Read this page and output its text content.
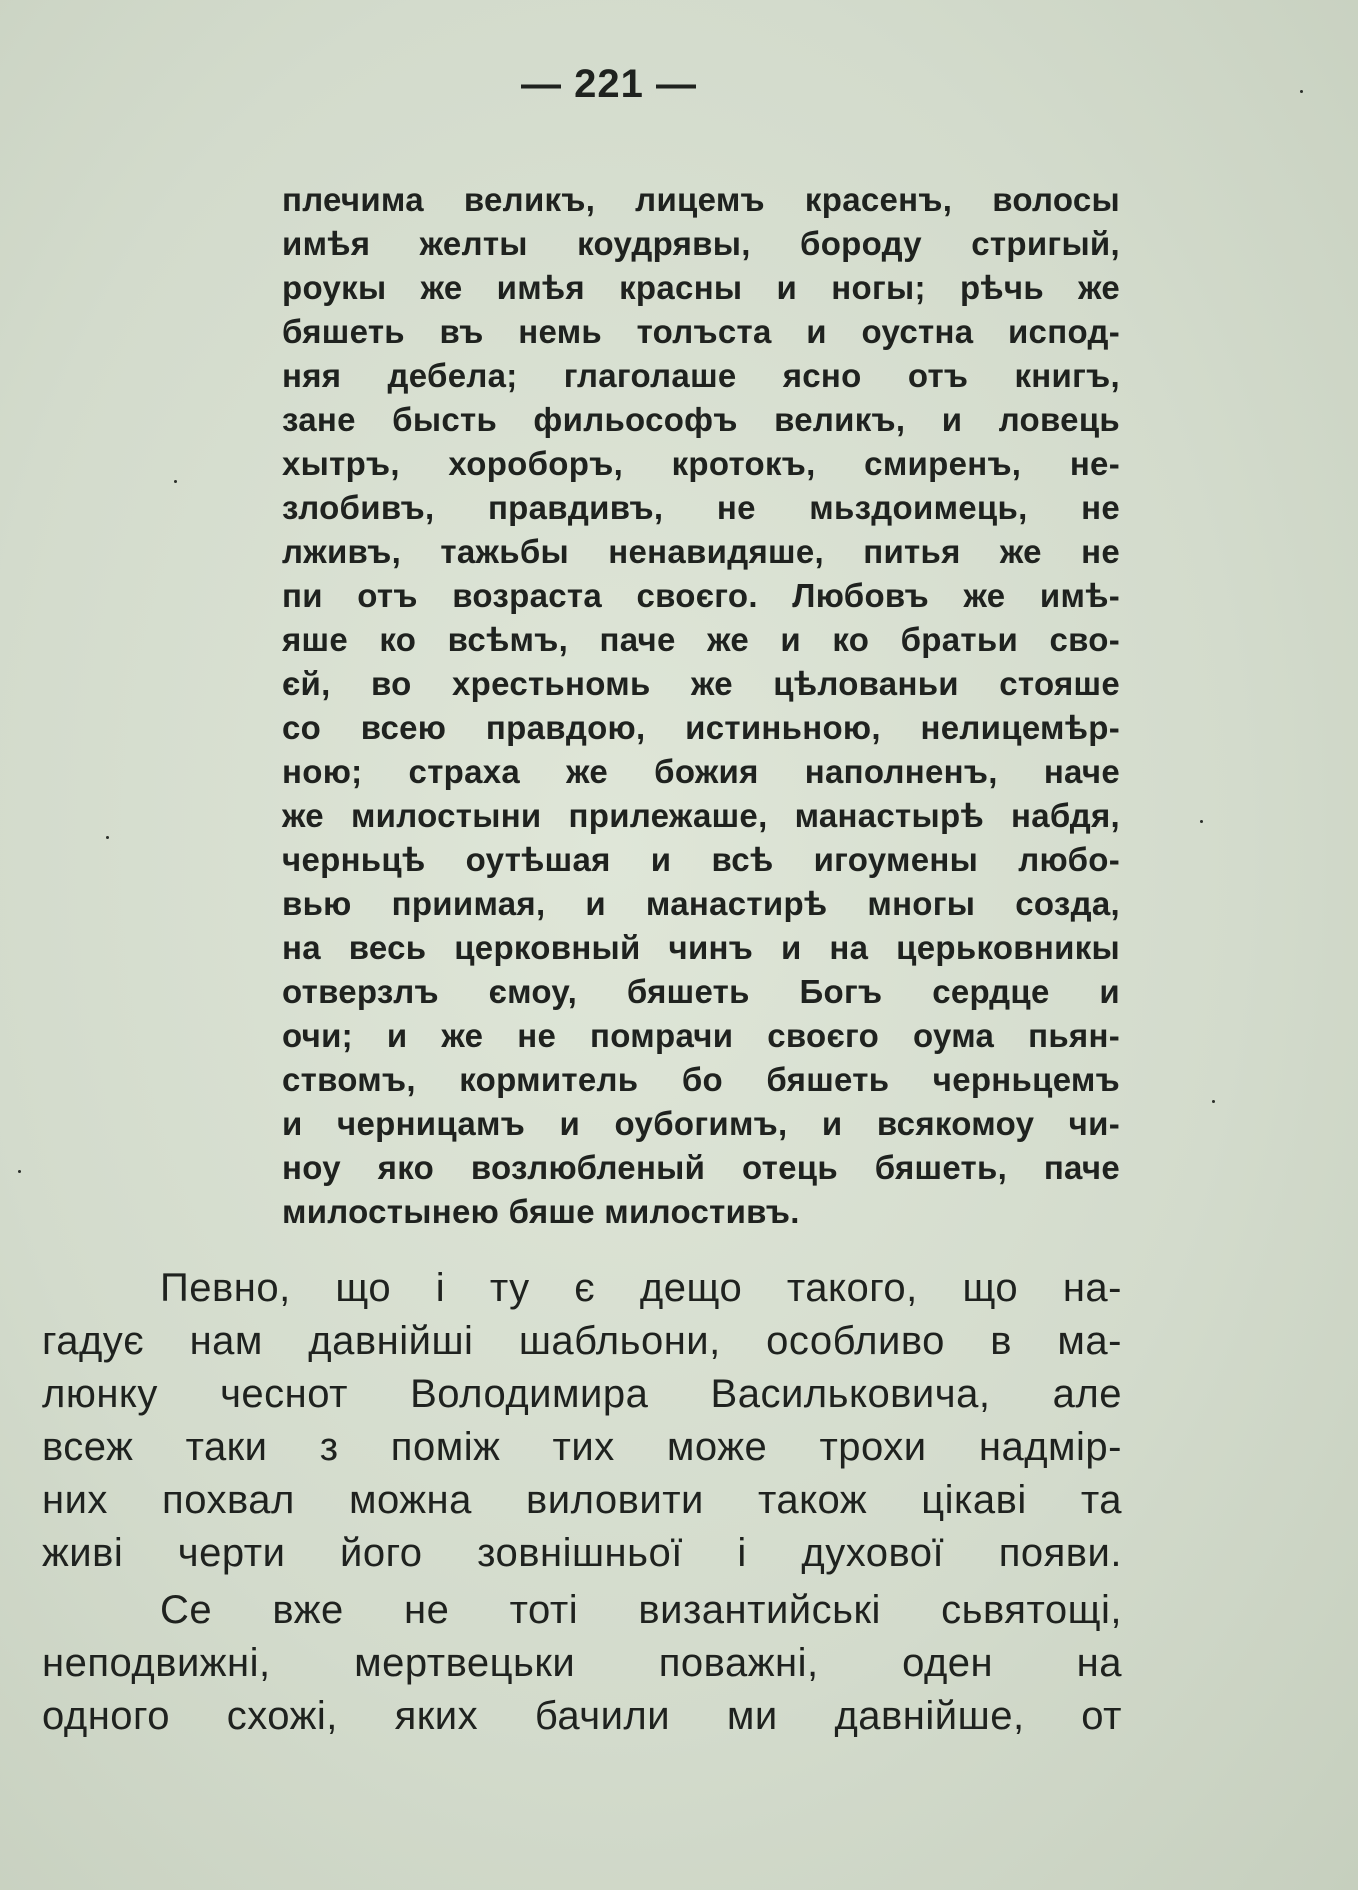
— 221 —
плечима великъ, лицемъ красенъ, волосы
имѣя желты коудрявы, бороду стригый,
роукы же имѣя красны и ногы; рѣчь же
бяшеть въ немь толъста и оустна испод-
няя дебела; глаголаше ясно отъ книгъ,
зане бысть фильософъ великъ, и ловець
хытръ, хороборъ, кротокъ, смиренъ, не-
злобивъ, правдивъ, не мьздоимець, не
лживъ, тажьбы ненавидяше, питья же не
пи отъ возраста своєго. Любовъ же имѣ-
яше ко всѣмъ, паче же и ко братьи сво-
єй, во хрестьномь же цѣлованьи стояше
со всею правдою, истиньною, нелицемѣр-
ною; страха же божия наполненъ, наче
же милостыни прилежаше, манастырѣ набдя,
черньцѣ оутѣшая и всѣ игоумены любо-
вью приимая, и манастирѣ многы созда,
на весь церковный чинъ и на церьковникы
отверзлъ ємоу, бяшеть Богъ сердце и
очи; и же не помрачи своєго оума пьян-
ствомъ, кормитель бо бяшеть черньцемъ
и черницамъ и оубогимъ, и всякомоу чи-
ноу яко возлюбленый отець бяшеть, паче
милостынею бяше милостивъ.
Певно, що і ту є дещо такого, що на-
гадує нам давнійші шабльони, особливо в ма-
люнку чеснот Володимира Васильковича, але
всеж таки з поміж тих може трохи надмір-
них похвал можна виловити також цікаві та
живі черти його зовнішньої і духової появи.
Се вже не тоті византийські сьвятощі,
неподвижні, мертвецьки поважні, оден на
одного схожі, яких бачили ми давнійше, от
